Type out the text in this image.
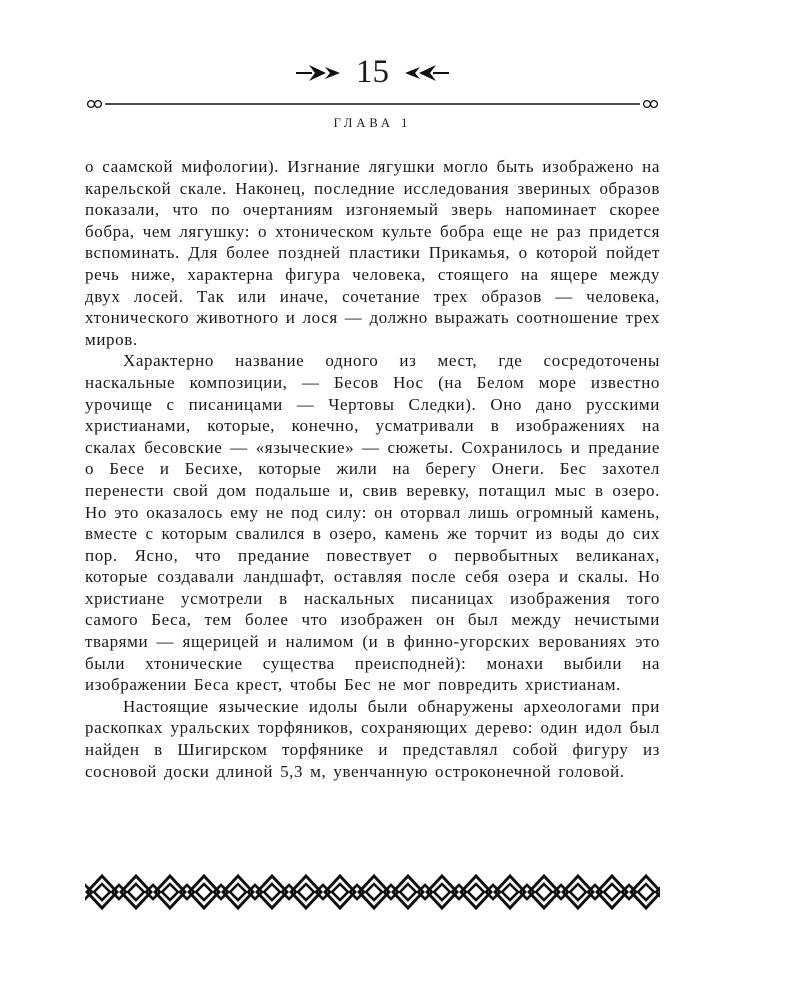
15
ГЛАВА 1

о саамской мифологии). Изгнание лягушки могло быть изображено на карельской скале. Наконец, последние исследования звериных образов показали, что по очертаниям изгоняемый зверь напоминает скорее бобра, чем лягушку: о хтоническом культе бобра еще не раз придется вспоминать. Для более поздней пластики Прикамья, о которой пойдет речь ниже, характерна фигура человека, стоящего на ящере между двух лосей. Так или иначе, сочетание трех образов — человека, хтонического животного и лося — должно выражать соотношение трех миров.

Характерно название одного из мест, где сосредоточены наскальные композиции, — Бесов Нос (на Белом море известно урочище с писаницами — Чертовы Следки). Оно дано русскими христианами, которые, конечно, усматривали в изображениях на скалах бесовские — «языческие» — сюжеты. Сохранилось и предание о Бесе и Бесихе, которые жили на берегу Онеги. Бес захотел перенести свой дом подальше и, свив веревку, потащил мыс в озеро. Но это оказалось ему не под силу: он оторвал лишь огромный камень, вместе с которым свалился в озеро, камень же торчит из воды до сих пор. Ясно, что предание повествует о первобытных великанах, которые создавали ландшафт, оставляя после себя озера и скалы. Но христиане усмотрели в наскальных писаницах изображения того самого Беса, тем более что изображен он был между нечистыми тварями — ящерицей и налимом (и в финно-угорских верованиях это были хтонические существа преисподней): монахи выбили на изображении Беса крест, чтобы Бес не мог повредить христианам.

Настоящие языческие идолы были обнаружены археологами при раскопках уральских торфяников, сохраняющих дерево: один идол был найден в Шигирском торфянике и представлял собой фигуру из сосновой доски длиной 5,3 м, увенчанную остроконечной головой.
